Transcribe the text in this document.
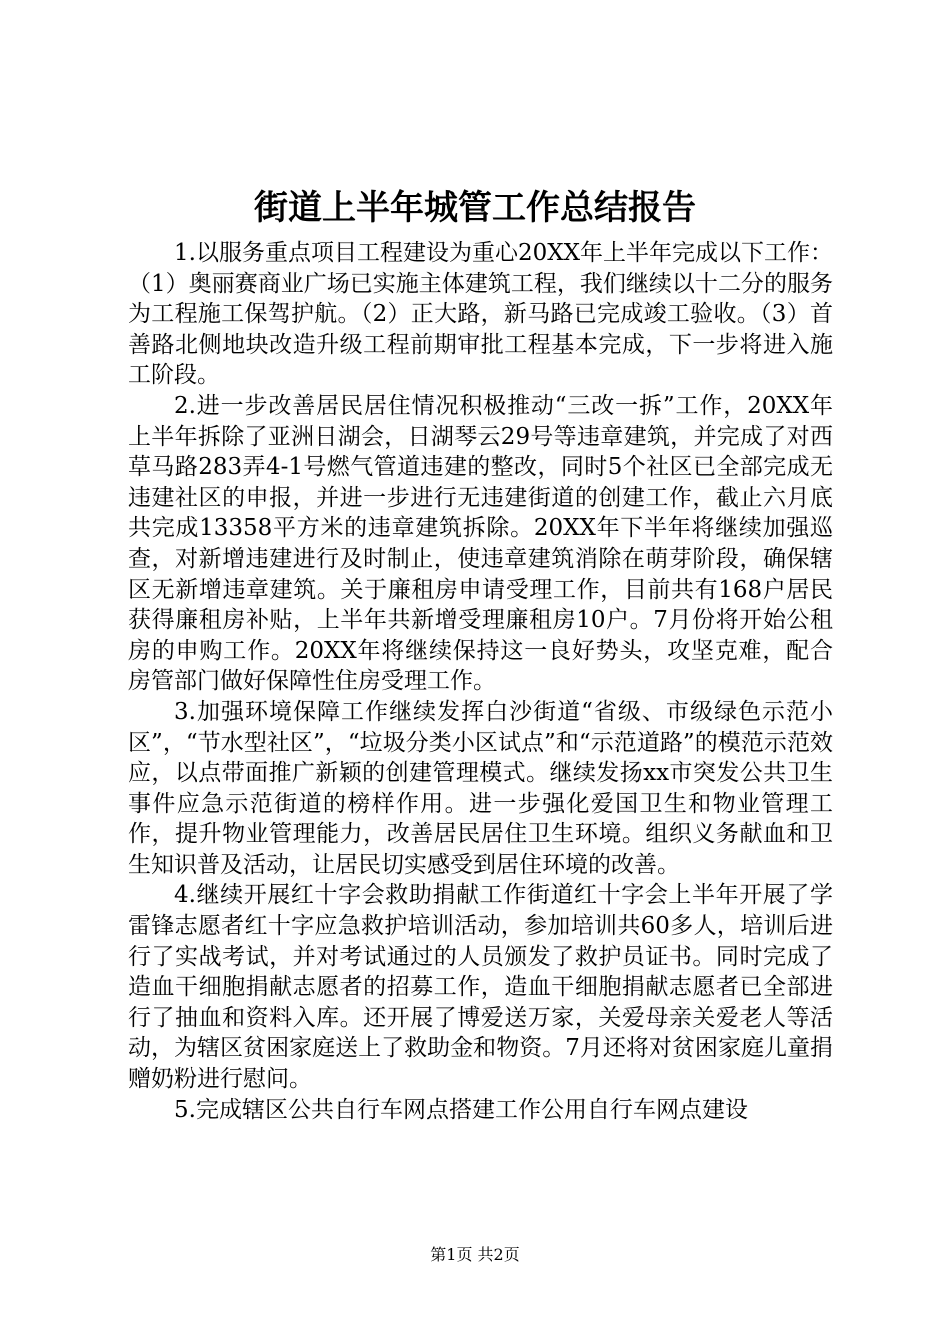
街道上半年城管工作总结报告

1.以服务重点项目工程建设为重心20XX年上半年完成以下工作：（1）奥丽赛商业广场已实施主体建筑工程，我们继续以十二分的服务为工程施工保驾护航。（2）正大路，新马路已完成竣工验收。（3）首善路北侧地块改造升级工程前期审批工程基本完成，下一步将进入施工阶段。

2.进一步改善居民居住情况积极推动“三改一拆”工作，20XX年上半年拆除了亚洲日湖会，日湖琴云29号等违章建筑，并完成了对西草马路283弄4-1号燃气管道违建的整改，同时5个社区已全部完成无违建社区的申报，并进一步进行无违建街道的创建工作，截止六月底共完成13358平方米的违章建筑拆除。20XX年下半年将继续加强巡查，对新增违建进行及时制止，使违章建筑消除在萌芽阶段，确保辖区无新增违章建筑。关于廉租房申请受理工作，目前共有168户居民获得廉租房补贴，上半年共新增受理廉租房10户。7月份将开始公租房的申购工作。20XX年将继续保持这一良好势头，攻坚克难，配合房管部门做好保障性住房受理工作。

3.加强环境保障工作继续发挥白沙街道“省级、市级绿色示范小区”，“节水型社区”，“垃圾分类小区试点”和“示范道路”的模范示范效应，以点带面推广新颖的创建管理模式。继续发扬xx市突发公共卫生事件应急示范街道的榜样作用。进一步强化爱国卫生和物业管理工作，提升物业管理能力，改善居民居住卫生环境。组织义务献血和卫生知识普及活动，让居民切实感受到居住环境的改善。

4.继续开展红十字会救助捐献工作街道红十字会上半年开展了学雷锋志愿者红十字应急救护培训活动，参加培训共60多人，培训后进行了实战考试，并对考试通过的人员颁发了救护员证书。同时完成了造血干细胞捐献志愿者的招募工作，造血干细胞捐献志愿者已全部进行了抽血和资料入库。还开展了博爱送万家，关爱母亲关爱老人等活动，为辖区贫困家庭送上了救助金和物资。7月还将对贫困家庭儿童捐赠奶粉进行慰问。

5.完成辖区公共自行车网点搭建工作公用自行车网点建设

第1页 共2页
